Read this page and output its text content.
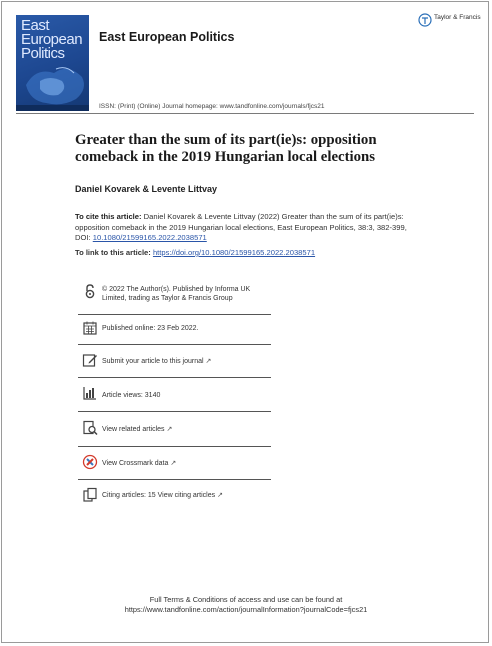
East
European
Politics
East European Politics
Taylor & Francis
ISSN: (Print) (Online) Journal homepage: www.tandfonline.com/journals/fjcs21
Greater than the sum of its part(ie)s: opposition comeback in the 2019 Hungarian local elections
Daniel Kovarek & Levente Littvay
To cite this article: Daniel Kovarek & Levente Littvay (2022) Greater than the sum of its part(ie)s: opposition comeback in the 2019 Hungarian local elections, East European Politics, 38:3, 382-399, DOI: 10.1080/21599165.2022.2038571
To link to this article: https://doi.org/10.1080/21599165.2022.2038571
© 2022 The Author(s). Published by Informa UK Limited, trading as Taylor & Francis Group
Published online: 23 Feb 2022.
Submit your article to this journal ↗
Article views: 3140
View related articles ↗
View Crossmark data ↗
Citing articles: 15 View citing articles ↗
Full Terms & Conditions of access and use can be found at
https://www.tandfonline.com/action/journalInformation?journalCode=fjcs21
